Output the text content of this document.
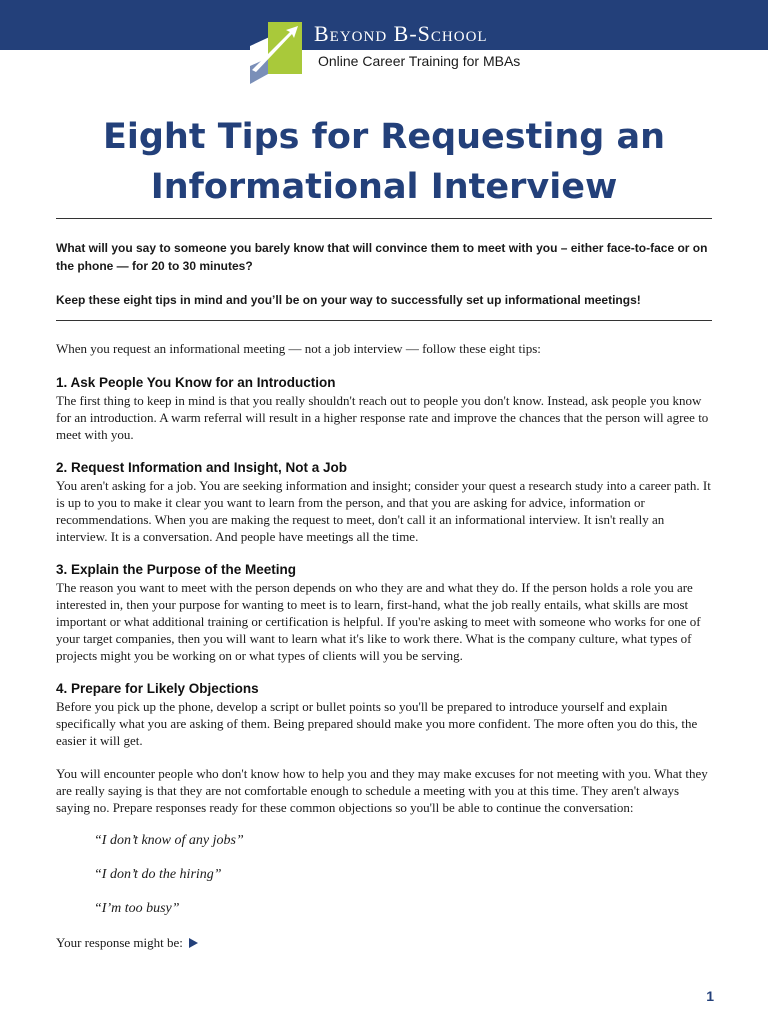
Beyond B-School
Online Career Training for MBAs
Eight Tips for Requesting an Informational Interview

What will you say to someone you barely know that will convince them to meet with you – either face-to-face or on the phone — for 20 to 30 minutes?

Keep these eight tips in mind and you’ll be on your way to successfully set up informational meetings!

When you request an informational meeting — not a job interview — follow these eight tips:

1. Ask People You Know for an Introduction

The first thing to keep in mind is that you really shouldn't reach out to people you don't know. Instead, ask people you know for an introduction. A warm referral will result in a higher response rate and improve the chances that the person will agree to meet with you.

2. Request Information and Insight, Not a Job

You aren't asking for a job. You are seeking information and insight; consider your quest a research study into a career path. It is up to you to make it clear you want to learn from the person, and that you are asking for advice, information or recommendations. When you are making the request to meet, don't call it an informational interview. It isn't really an interview. It is a conversation. And people have meetings all the time.

3. Explain the Purpose of the Meeting

The reason you want to meet with the person depends on who they are and what they do. If the person holds a role you are interested in, then your purpose for wanting to meet is to learn, first-hand, what the job really entails, what skills are most important or what additional training or certification is helpful. If you're asking to meet with someone who works for one of your target companies, then you will want to learn what it's like to work there. What is the company culture, what types of projects might you be working on or what types of clients will you be serving.

4. Prepare for Likely Objections

Before you pick up the phone, develop a script or bullet points so you'll be prepared to introduce yourself and explain specifically what you are asking of them. Being prepared should make you more confident. The more often you do this, the easier it will get.

You will encounter people who don't know how to help you and they may make excuses for not meeting with you. What they are really saying is that they are not comfortable enough to schedule a meeting with you at this time. They aren't always saying no. Prepare responses ready for these common objections so you'll be able to continue the conversation:

“I don’t know of any jobs”

“I don’t do the hiring”

“I’m too busy”

Your response might be:

1
